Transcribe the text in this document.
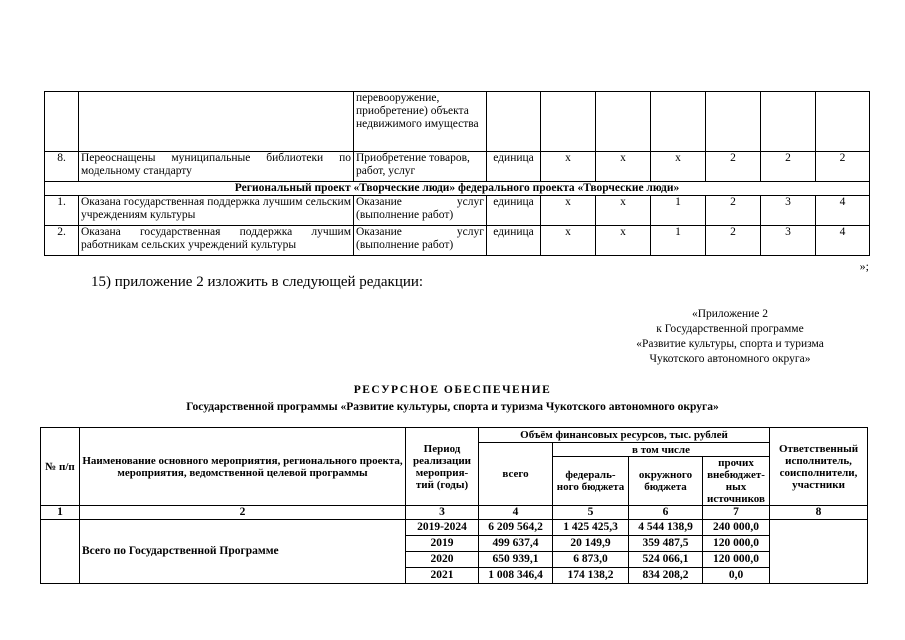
		перевооружение, приобретение) объекта недвижимого имущества							
8.	Переоснащены муниципальные библиотеки по модельному стандарту	Приобретение товаров, работ, услуг	единица	х	х	х	2	2	2
Региональный проект «Творческие люди» федерального проекта «Творческие люди»									
1.	Оказана государственная поддержка лучшим сельским учреждениям культуры	Оказание услуг (выполнение работ)	единица	х	х	1	2	3	4
2.	Оказана государственная поддержка лучшим работникам сельских учреждений культуры	Оказание услуг (выполнение работ)	единица	х	х	1	2	3	4
»;

15) приложение 2 изложить в следующей редакции:

«Приложение 2
к Государственной программе
«Развитие культуры, спорта и туризма
Чукотского автономного округа»
РЕСУРСНОЕ ОБЕСПЕЧЕНИЕ
Государственной программы «Развитие культуры, спорта и туризма Чукотского автономного округа»
№ п/п	Наименование основного мероприятия, регионального проекта, мероприятия, ведомственной целевой программы	Период реализации мероприя-тий (годы)	Объём финансовых ресурсов, тыс. рублей				Ответственный исполнитель, соисполнители, участники
			всего	в том числе			
				федераль-ного бюджета	окружного бюджета	прочих внебюджет-ных источников	

1	2	3	4	5	6	7	8
	Всего по Государственной Программе	2019-2024	6 209 564,2	1 425 425,3	4 544 138,9	240 000,0	
		2019	499 637,4	20 149,9	359 487,5	120 000,0	
		2020	650 939,1	6 873,0	524 066,1	120 000,0	
		2021	1 008 346,4	174 138,2	834 208,2	0,0	
